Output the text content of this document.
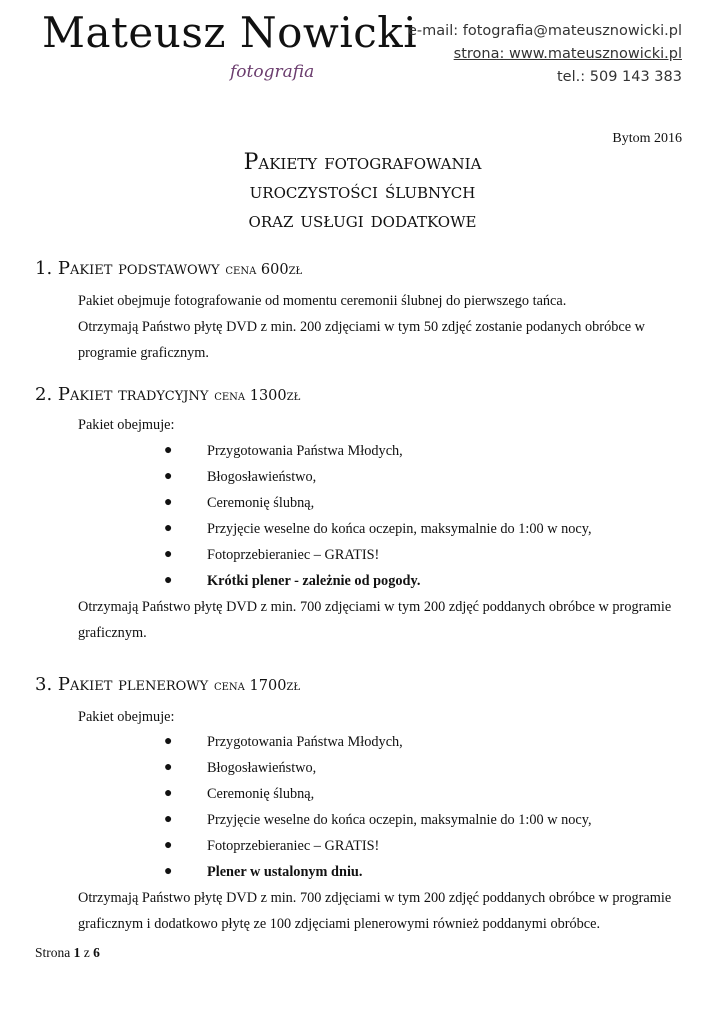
Mateusz Nowicki
fotografia
e-mail: fotografia@mateusznowicki.pl
strona: www.mateusznowicki.pl
tel.: 509 143 383
Bytom 2016
Pakiety fotografowania
uroczystości ślubnych
oraz usługi dodatkowe
1. Pakiet podstawowy cena 600zł
Pakiet obejmuje fotografowanie od momentu ceremonii ślubnej do pierwszego tańca.
Otrzymają Państwo płytę DVD z min. 200 zdjęciami w tym 50 zdjęć zostanie podanych obróbce w
programie graficznym.
2. Pakiet tradycyjny cena 1300zł
Pakiet obejmuje:
● Przygotowania Państwa Młodych,
● Błogosławieństwo,
● Ceremonię ślubną,
● Przyjęcie weselne do końca oczepin, maksymalnie do 1:00 w nocy,
● Fotoprzebieraniec – GRATIS!
● Krótki plener - zależnie od pogody.
Otrzymają Państwo płytę DVD z min. 700 zdjęciami w tym 200 zdjęć poddanych obróbce w programie
graficznym.
3. Pakiet plenerowy cena 1700zł
Pakiet obejmuje:
● Przygotowania Państwa Młodych,
● Błogosławieństwo,
● Ceremonię ślubną,
● Przyjęcie weselne do końca oczepin, maksymalnie do 1:00 w nocy,
● Fotoprzebieraniec – GRATIS!
● Plener w ustalonym dniu.
Otrzymają Państwo płytę DVD z min. 700 zdjęciami w tym 200 zdjęć poddanych obróbce w programie
graficznym i dodatkowo płytę ze 100 zdjęciami plenerowymi również poddanymi obróbce.
Strona 1 z 6
